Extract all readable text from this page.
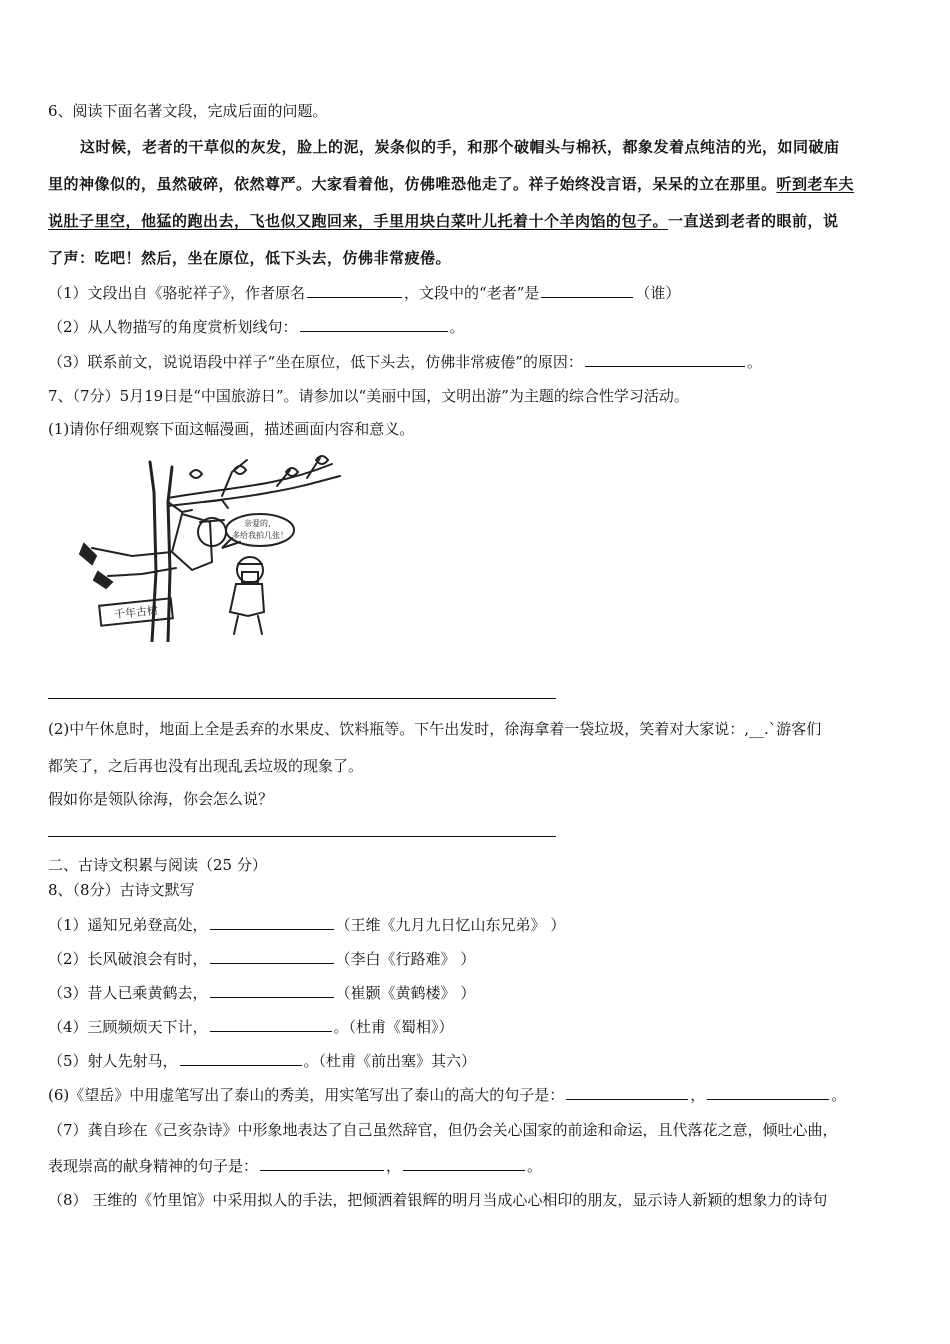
6、阅读下面名著文段，完成后面的问题。
这时候，老者的干草似的灰发，脸上的泥，炭条似的手，和那个破帽头与棉袄，都象发着点纯洁的光，如同破庙
里的神像似的，虽然破碎，依然尊严。大家看着他，仿佛唯恐他走了。祥子始终没言语，呆呆的立在那里。听到老车夫
说肚子里空，他猛的跑出去，飞也似又跑回来，手里用块白菜叶儿托着十个羊肉馅的包子。一直送到老者的眼前，说
了声：吃吧！然后，坐在原位，低下头去，仿佛非常疲倦。
（1）文段出自《骆驼祥子》，作者原名	，文段中的“老者”是	（谁）
（2）从人物描写的角度赏析划线句：	。
（3）联系前文，说说语段中祥子“坐在原位，低下头去，仿佛非常疲倦”的原因：	。
7、（7分）5月19日是“中国旅游日”。请参加以“美丽中国，文明出游”为主题的综合性学习活动。
(1)请你仔细观察下面这幅漫画，描述画面内容和意义。
亲爱的，
多给我拍几张！
千年古树
(2)中午休息时，地面上全是丢弃的水果皮、饮料瓶等。下午出发时，徐海拿着一袋垃圾，笑着对大家说：,__.`游客们
都笑了，之后再也没有出现乱丢垃圾的现象了。
假如你是领队徐海，你会怎么说？
二、古诗文积累与阅读（25 分）
8、（8分）古诗文默写
（1）遥知兄弟登高处，	（王维《九月九日忆山东兄弟》 ）
（2）长风破浪会有时，	（李白《行路难》 ）
（3）昔人已乘黄鹤去，	（崔颢《黄鹤楼》 ）
（4）三顾频烦天下计，	。（杜甫《蜀相》）
（5）射人先射马，	。（杜甫《前出塞》其六）
(6)《望岳》中用虚笔写出了泰山的秀美，用实笔写出了泰山的高大的句子是：	，	。
（7）龚自珍在《己亥杂诗》中形象地表达了自己虽然辞官，但仍会关心国家的前途和命运，且代落花之意，倾吐心曲，
表现崇高的献身精神的句子是：	，	。
（8） 王维的《竹里馆》中采用拟人的手法，把倾洒着银辉的明月当成心心相印的朋友，显示诗人新颖的想象力的诗句
